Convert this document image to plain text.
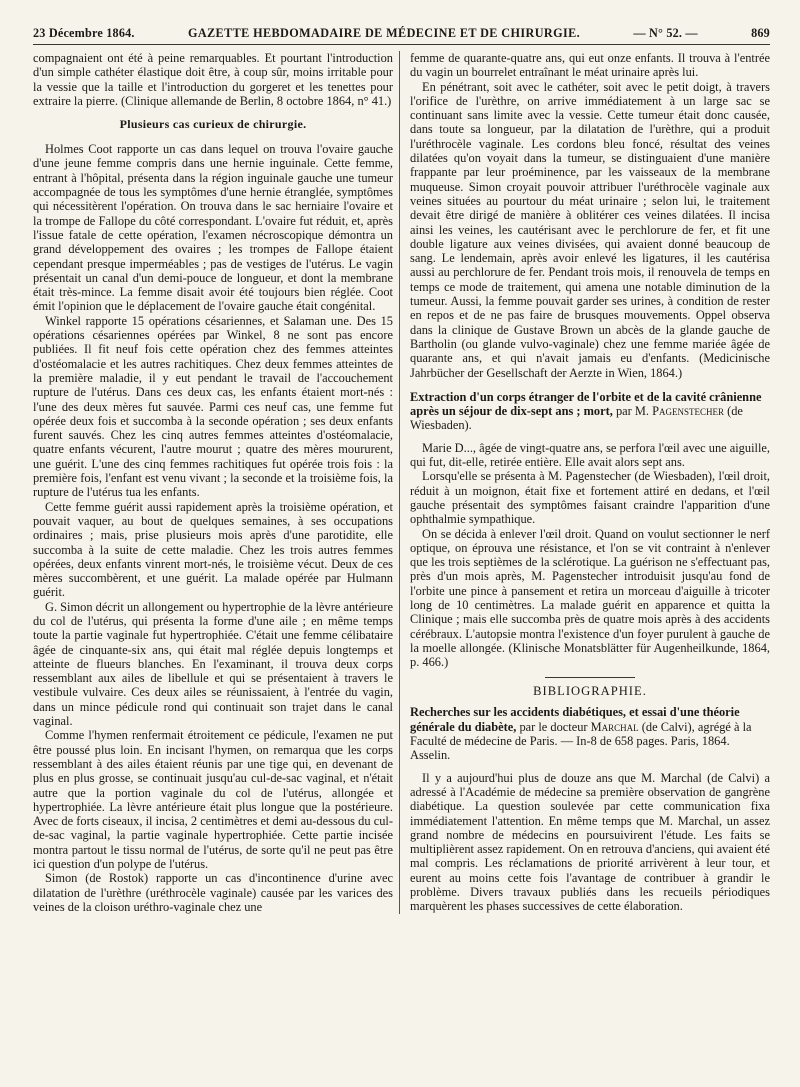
23 Décembre 1864.	GAZETTE HEBDOMADAIRE DE MÉDECINE ET DE CHIRURGIE.	— N° 52. —	869

compagnaient ont été à peine remarquables. Et pourtant l'introduction d'un simple cathéter élastique doit être, à coup sûr, moins irritable pour la vessie que la taille et l'introduction du gorgeret et les tenettes pour extraire la pierre. (Clinique allemande de Berlin, 8 octobre 1864, n° 41.)

Plusieurs cas curieux de chirurgie.

Holmes Coot rapporte un cas dans lequel on trouva l'ovaire gauche d'une jeune femme compris dans une hernie inguinale. Cette femme, entrant à l'hôpital, présenta dans la région inguinale gauche une tumeur accompagnée de tous les symptômes d'une hernie étranglée, symptômes qui nécessitèrent l'opération. On trouva dans le sac herniaire l'ovaire et la trompe de Fallope du côté correspondant. L'ovaire fut réduit, et, après l'issue fatale de cette opération, l'examen nécroscopique démontra un grand développement des ovaires ; les trompes de Fallope étaient cependant presque imperméables ; pas de vestiges de l'utérus. Le vagin présentait un canal d'un demi-pouce de longueur, et dont la membrane était très-mince. La femme disait avoir été toujours bien réglée. Coot émit l'opinion que le déplacement de l'ovaire gauche était congénital.

Winkel rapporte 15 opérations césariennes, et Salaman une. Des 15 opérations césariennes opérées par Winkel, 8 ne sont pas encore publiées. Il fit neuf fois cette opération chez des femmes atteintes d'ostéomalacie et les autres rachitiques. Chez deux femmes atteintes de la première maladie, il y eut pendant le travail de l'accouchement rupture de l'utérus. Dans ces deux cas, les enfants étaient mort-nés : l'une des deux mères fut sauvée. Parmi ces neuf cas, une femme fut opérée deux fois et succomba à la seconde opération ; ses deux enfants furent sauvés. Chez les cinq autres femmes atteintes d'ostéomalacie, quatre enfants vécurent, l'autre mourut ; quatre des mères moururent, une guérit. L'une des cinq femmes rachitiques fut opérée trois fois : la première fois, l'enfant est venu vivant ; la seconde et la troisième fois, la rupture de l'utérus tua les enfants.

Cette femme guérit aussi rapidement après la troisième opération, et pouvait vaquer, au bout de quelques semaines, à ses occupations ordinaires ; mais, prise plusieurs mois après d'une parotidite, elle succomba à la suite de cette maladie. Chez les trois autres femmes opérées, deux enfants vinrent mort-nés, le troisième vécut. Deux de ces mères succombèrent, et une guérit. La malade opérée par Hulmann guérit.

G. Simon décrit un allongement ou hypertrophie de la lèvre antérieure du col de l'utérus, qui présenta la forme d'une aile ; en même temps toute la partie vaginale fut hypertrophiée. C'était une femme célibataire âgée de cinquante-six ans, qui était mal réglée depuis longtemps et atteinte de flueurs blanches. En l'examinant, il trouva deux corps ressemblant aux ailes de libellule et qui se présentaient à travers le vestibule vulvaire. Ces deux ailes se réunissaient, à l'entrée du vagin, dans un mince pédicule rond qui continuait son trajet dans le canal vaginal.

Comme l'hymen renfermait étroitement ce pédicule, l'examen ne put être poussé plus loin. En incisant l'hymen, on remarqua que les corps ressemblant à des ailes étaient réunis par une tige qui, en devenant de plus en plus grosse, se continuait jusqu'au cul-de-sac vaginal, et n'était autre que la portion vaginale du col de l'utérus, allongée et hypertrophiée. La lèvre antérieure était plus longue que la postérieure. Avec de forts ciseaux, il incisa, 2 centimètres et demi au-dessous du cul-de-sac vaginal, la partie vaginale hypertrophiée. Cette partie incisée montra partout le tissu normal de l'utérus, de sorte qu'il ne peut pas être ici question d'un polype de l'utérus.

Simon (de Rostok) rapporte un cas d'incontinence d'urine avec dilatation de l'urèthre (uréthrocèle vaginale) causée par les varices des veines de la cloison uréthro-vaginale chez une

femme de quarante-quatre ans, qui eut onze enfants. Il trouva à l'entrée du vagin un bourrelet entraînant le méat urinaire après lui.

En pénétrant, soit avec le cathéter, soit avec le petit doigt, à travers l'orifice de l'urèthre, on arrive immédiatement à un large sac se continuant sans limite avec la vessie. Cette tumeur était donc causée, dans toute sa longueur, par la dilatation de l'urèthre, qui a produit l'uréthrocèle vaginale. Les cordons bleu foncé, résultat des veines dilatées qu'on voyait dans la tumeur, se distinguaient d'une manière frappante par leur proéminence, par les vaisseaux de la membrane muqueuse. Simon croyait pouvoir attribuer l'uréthrocèle vaginale aux veines situées au pourtour du méat urinaire ; selon lui, le traitement devait être dirigé de manière à oblitérer ces veines dilatées. Il incisa ainsi les veines, les cautérisant avec le perchlorure de fer, et fit une double ligature aux veines divisées, qui avaient donné beaucoup de sang. Le lendemain, après avoir enlevé les ligatures, il les cautérisa aussi au perchlorure de fer. Pendant trois mois, il renouvela de temps en temps ce mode de traitement, qui amena une notable diminution de la tumeur. Aussi, la femme pouvait garder ses urines, à condition de rester en repos et de ne pas faire de brusques mouvements. Oppel observa dans la clinique de Gustave Brown un abcès de la glande gauche de Bartholin (ou glande vulvo-vaginale) chez une femme mariée âgée de quarante ans, et qui n'avait jamais eu d'enfants. (Medicinische Jahrbücher der Gesellschaft der Aerzte in Wien, 1864.)

Extraction d'un corps étranger de l'orbite et de la cavité crânienne après un séjour de dix-sept ans ; mort, par M. Pagenstecher (de Wiesbaden).

Marie D..., âgée de vingt-quatre ans, se perfora l'œil avec une aiguille, qui fut, dit-elle, retirée entière. Elle avait alors sept ans.

Lorsqu'elle se présenta à M. Pagenstecher (de Wiesbaden), l'œil droit, réduit à un moignon, était fixe et fortement attiré en dedans, et l'œil gauche présentait des symptômes faisant craindre l'apparition d'une ophthalmie sympathique.

On se décida à enlever l'œil droit. Quand on voulut sectionner le nerf optique, on éprouva une résistance, et l'on se vit contraint à n'enlever que les trois septièmes de la sclérotique. La guérison ne s'effectuant pas, près d'un mois après, M. Pagenstecher introduisit jusqu'au fond de l'orbite une pince à pansement et retira un morceau d'aiguille à tricoter long de 10 centimètres. La malade guérit en apparence et quitta la Clinique ; mais elle succomba près de quatre mois après à des accidents cérébraux. L'autopsie montra l'existence d'un foyer purulent à gauche de la moelle allongée. (Klinische Monatsblätter für Augenheilkunde, 1864, p. 466.)

BIBLIOGRAPHIE.

Recherches sur les accidents diabétiques, et essai d'une théorie générale du diabète, par le docteur Marchal (de Calvi), agrégé à la Faculté de médecine de Paris. — In-8 de 658 pages. Paris, 1864. Asselin.

Il y a aujourd'hui plus de douze ans que M. Marchal (de Calvi) a adressé à l'Académie de médecine sa première observation de gangrène diabétique. La question soulevée par cette communication fixa immédiatement l'attention. En même temps que M. Marchal, un assez grand nombre de médecins en poursuivirent l'étude. Les faits se multiplièrent assez rapidement. On en retrouva d'anciens, qui avaient été mal compris. Les réclamations de priorité arrivèrent à leur tour, et eurent au moins cette fois l'avantage de contribuer à grandir le problème. Divers travaux publiés dans les recueils périodiques marquèrent les phases successives de cette élaboration.
